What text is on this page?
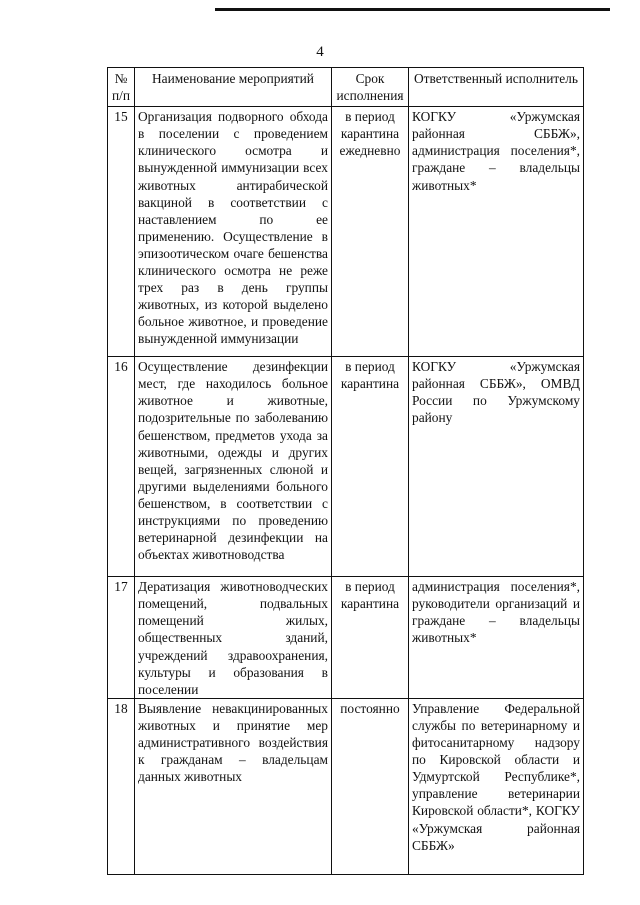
4
№ п/п	Наименование мероприятий	Срок исполнения	Ответственный исполнитель
15	Организация подворного обхода в поселении с проведением клинического осмотра и вынужденной иммунизации всех животных антирабической вакциной в соответствии с наставлением по ее применению. Осуществление в эпизоотическом очаге бешенства клинического осмотра не реже трех раз в день группы животных, из которой выделено больное животное, и проведение вынужденной иммунизации	в период карантина ежедневно	КОГКУ «Уржумская районная СББЖ», администрация поселения*, граждане – владельцы животных*
16	Осуществление дезинфекции мест, где находилось больное животное и животные, подозрительные по заболеванию бешенством, предметов ухода за животными, одежды и других вещей, загрязненных слюной и другими выделениями больного бешенством, в соответствии с инструкциями по проведению ветеринарной дезинфекции на объектах животноводства	в период карантина	КОГКУ «Уржумская районная СББЖ», ОМВД России по Уржумскому району
17	Дератизация животноводческих помещений, подвальных помещений жилых, общественных зданий, учреждений здравоохранения, культуры и образования в поселении	в период карантина	администрация поселения*, руководители организаций и граждане – владельцы животных*
18	Выявление невакцинированных животных и принятие мер административного воздействия к гражданам – владельцам данных животных	постоянно	Управление Федеральной службы по ветеринарному и фитосанитарному надзору по Кировской области и Удмуртской Республике*, управление ветеринарии Кировской области*, КОГКУ «Уржумская районная СББЖ»
